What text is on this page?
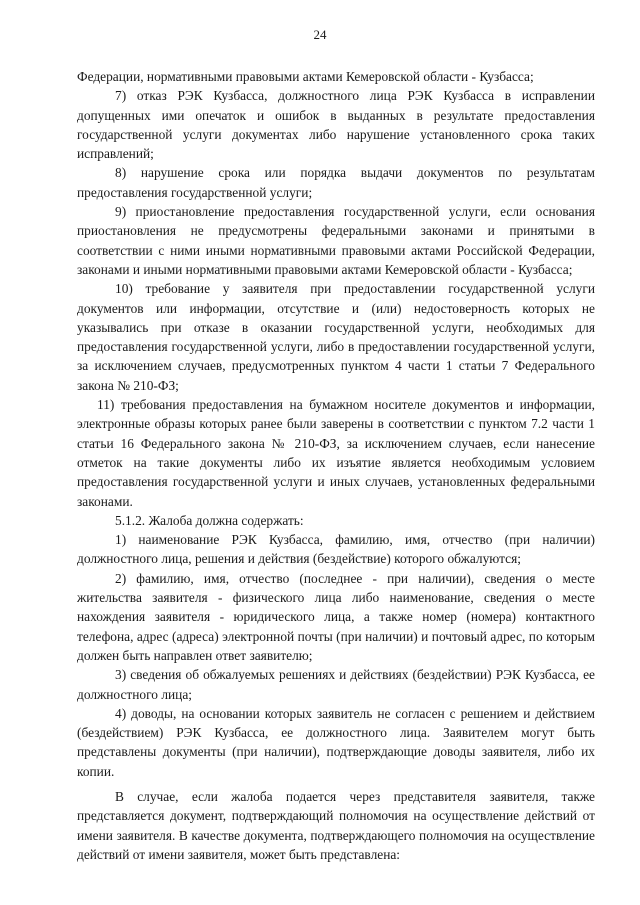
24

Федерации, нормативными правовыми актами Кемеровской области - Кузбасса;

7) отказ РЭК Кузбасса, должностного лица РЭК Кузбасса в исправлении допущенных ими опечаток и ошибок в выданных в результате предоставления государственной услуги документах либо нарушение установленного срока таких исправлений;

8) нарушение срока или порядка выдачи документов по результатам предоставления государственной услуги;

9) приостановление предоставления государственной услуги, если основания приостановления не предусмотрены федеральными законами и принятыми в соответствии с ними иными нормативными правовыми актами Российской Федерации, законами и иными нормативными правовыми актами Кемеровской области - Кузбасса;

10) требование у заявителя при предоставлении государственной услуги документов или информации, отсутствие и (или) недостоверность которых не указывались при отказе в оказании государственной услуги, необходимых для предоставления государственной услуги, либо в предоставлении государственной услуги, за исключением случаев, предусмотренных пунктом 4 части 1 статьи 7 Федерального закона № 210-ФЗ;

11) требования предоставления на бумажном носителе документов и информации, электронные образы которых ранее были заверены в соответствии с пунктом 7.2 части 1 статьи 16 Федерального закона № 210-ФЗ, за исключением случаев, если нанесение отметок на такие документы либо их изъятие является необходимым условием предоставления государственной услуги и иных случаев, установленных федеральными законами.

5.1.2. Жалоба должна содержать:

1) наименование РЭК Кузбасса, фамилию, имя, отчество (при наличии) должностного лица, решения и действия (бездействие) которого обжалуются;

2) фамилию, имя, отчество (последнее - при наличии), сведения о месте жительства заявителя - физического лица либо наименование, сведения о месте нахождения заявителя - юридического лица, а также номер (номера) контактного телефона, адрес (адреса) электронной почты (при наличии) и почтовый адрес, по которым должен быть направлен ответ заявителю;

3) сведения об обжалуемых решениях и действиях (бездействии) РЭК Кузбасса, ее должностного лица;

4) доводы, на основании которых заявитель не согласен с решением и действием (бездействием) РЭК Кузбасса, ее должностного лица. Заявителем могут быть представлены документы (при наличии), подтверждающие доводы заявителя, либо их копии.

В случае, если жалоба подается через представителя заявителя, также представляется документ, подтверждающий полномочия на осуществление действий от имени заявителя. В качестве документа, подтверждающего полномочия на осуществление действий от имени заявителя, может быть представлена:
